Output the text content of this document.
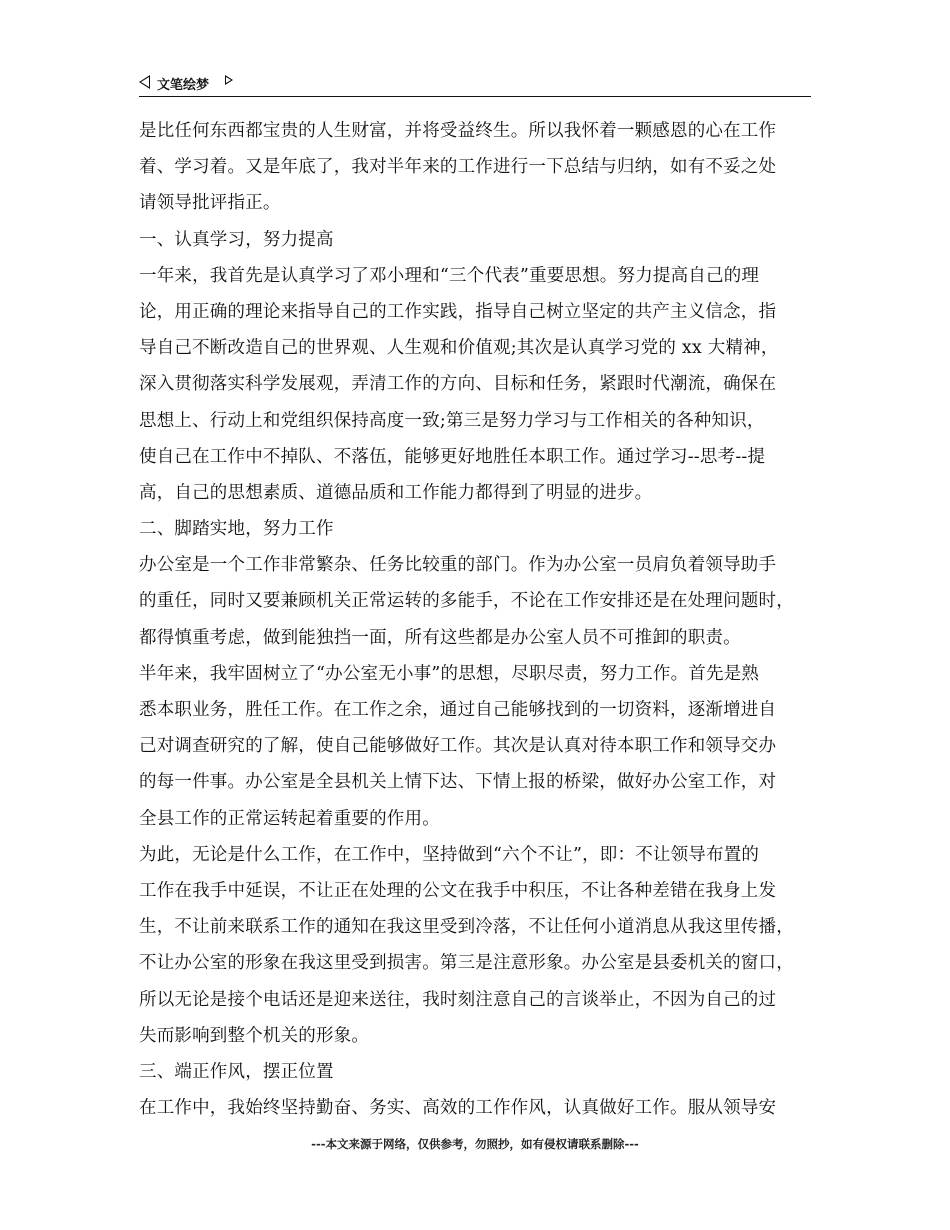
文笔绘梦
是比任何东西都宝贵的人生财富，并将受益终生。所以我怀着一颗感恩的心在工作
着、学习着。又是年底了，我对半年来的工作进行一下总结与归纳，如有不妥之处
请领导批评指正。
一、认真学习，努力提高
一年来，我首先是认真学习了邓小理和“三个代表”重要思想。努力提高自己的理
论，用正确的理论来指导自己的工作实践，指导自己树立坚定的共产主义信念，指
导自己不断改造自己的世界观、人生观和价值观;其次是认真学习党的 xx 大精神，
深入贯彻落实科学发展观，弄清工作的方向、目标和任务，紧跟时代潮流，确保在
思想上、行动上和党组织保持高度一致;第三是努力学习与工作相关的各种知识，
使自己在工作中不掉队、不落伍，能够更好地胜任本职工作。通过学习--思考--提
高，自己的思想素质、道德品质和工作能力都得到了明显的进步。
二、脚踏实地，努力工作
办公室是一个工作非常繁杂、任务比较重的部门。作为办公室一员肩负着领导助手
的重任，同时又要兼顾机关正常运转的多能手，不论在工作安排还是在处理问题时，
都得慎重考虑，做到能独挡一面，所有这些都是办公室人员不可推卸的职责。
半年来，我牢固树立了“办公室无小事”的思想，尽职尽责，努力工作。首先是熟
悉本职业务，胜任工作。在工作之余，通过自己能够找到的一切资料，逐渐增进自
己对调查研究的了解，使自己能够做好工作。其次是认真对待本职工作和领导交办
的每一件事。办公室是全县机关上情下达、下情上报的桥梁，做好办公室工作，对
全县工作的正常运转起着重要的作用。
为此，无论是什么工作，在工作中，坚持做到“六个不让”，即：不让领导布置的
工作在我手中延误，不让正在处理的公文在我手中积压，不让各种差错在我身上发
生，不让前来联系工作的通知在我这里受到冷落，不让任何小道消息从我这里传播，
不让办公室的形象在我这里受到损害。第三是注意形象。办公室是县委机关的窗口，
所以无论是接个电话还是迎来送往，我时刻注意自己的言谈举止，不因为自己的过
失而影响到整个机关的形象。
三、端正作风，摆正位置
在工作中，我始终坚持勤奋、务实、高效的工作作风，认真做好工作。服从领导安
---本文来源于网络，仅供参考，勿照抄，如有侵权请联系删除---
